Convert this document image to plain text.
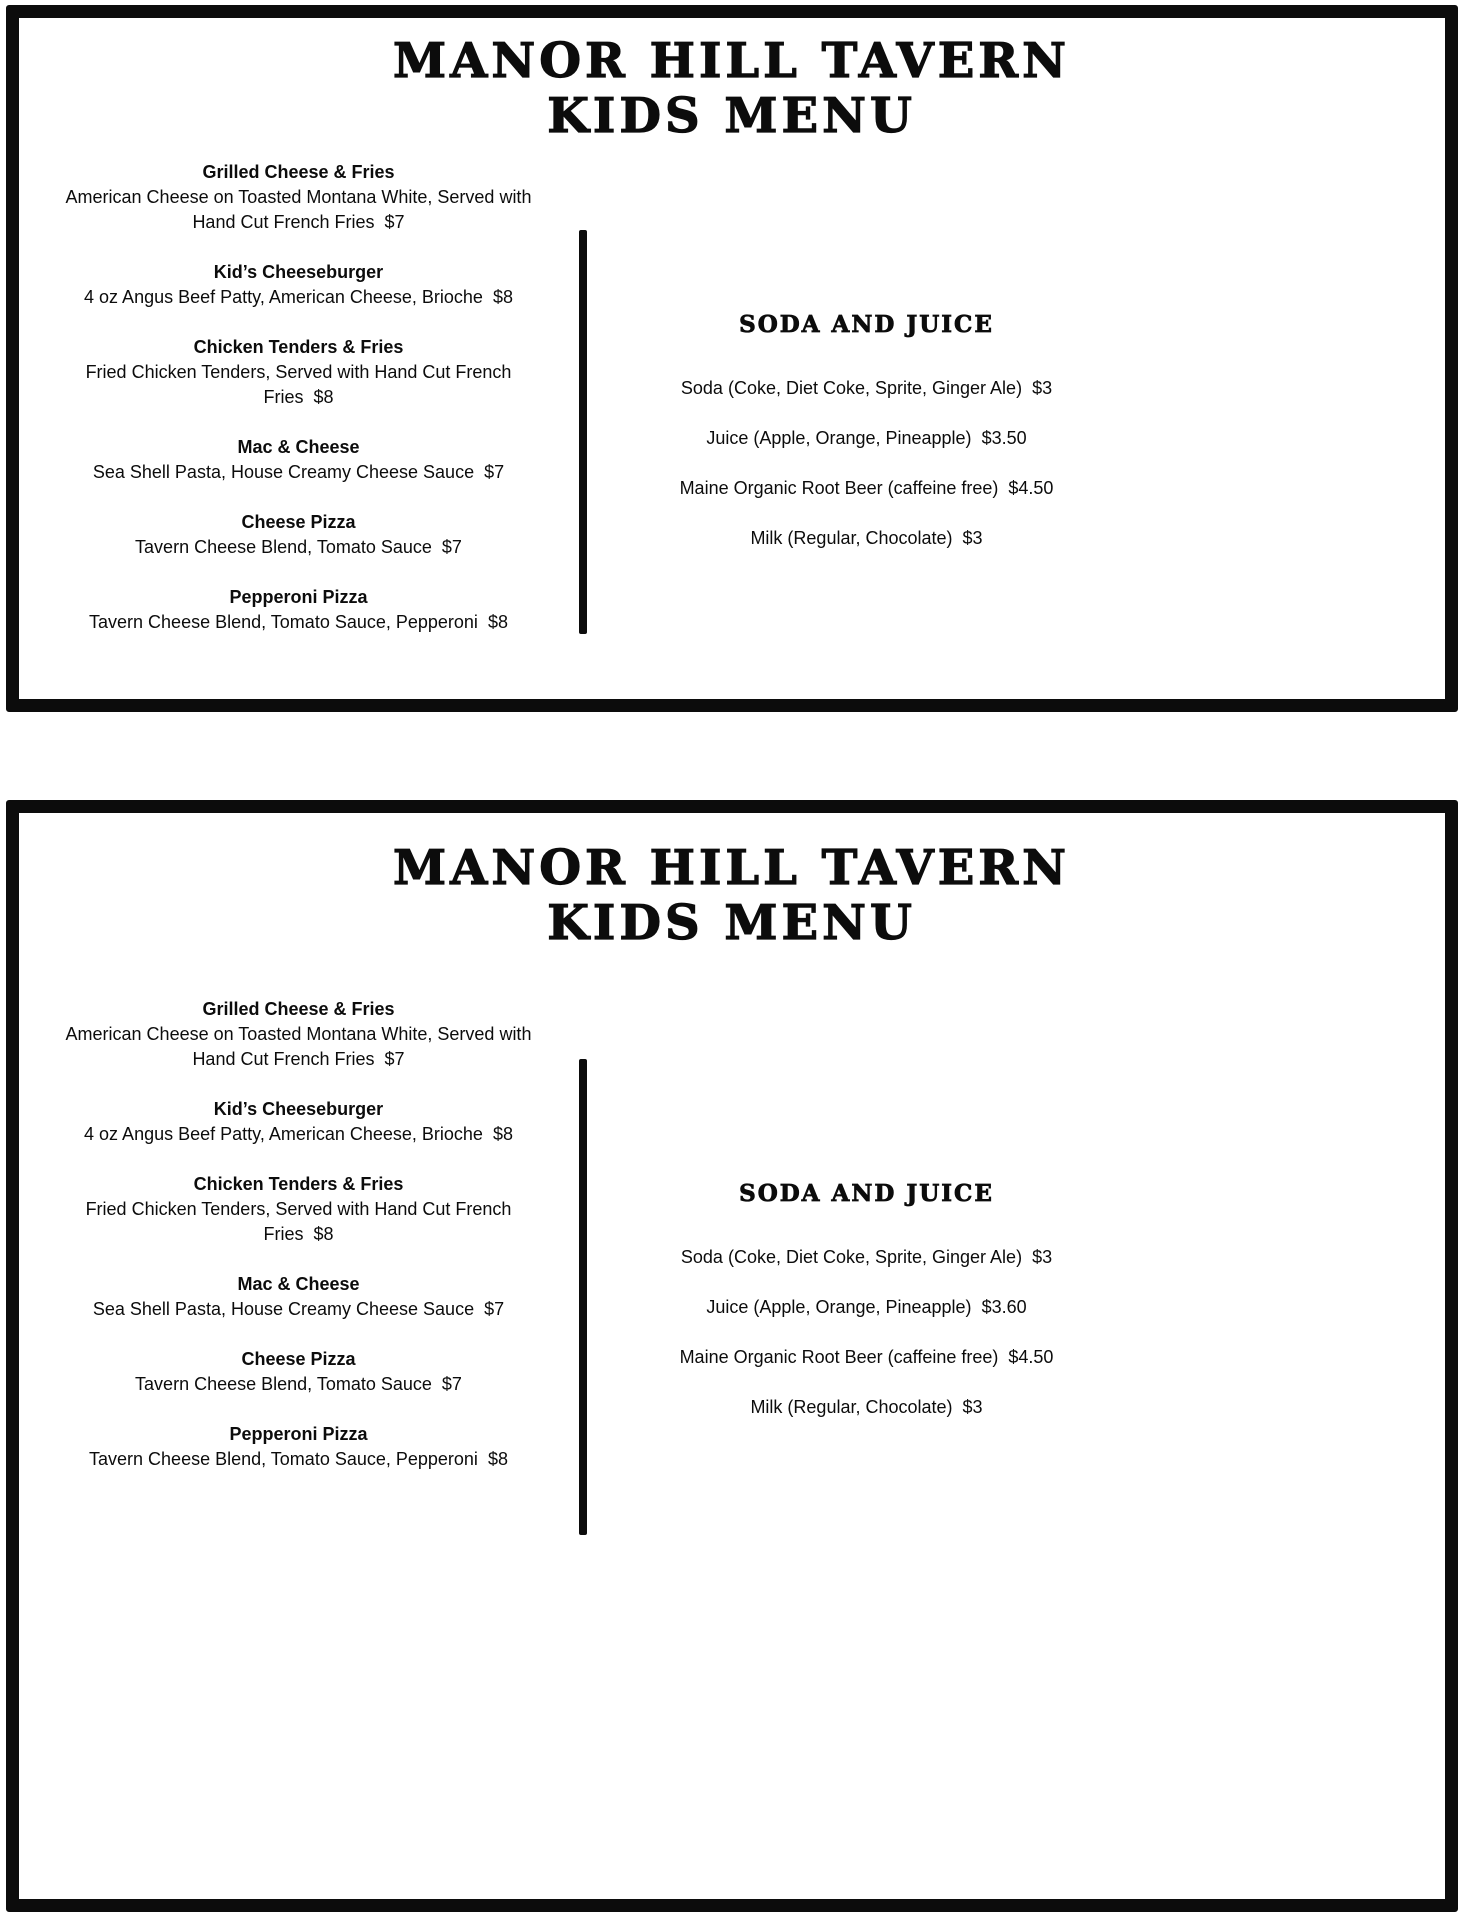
MANOR HILL TAVERN
KIDS MENU
Grilled Cheese & Fries
American Cheese on Toasted Montana White, Served with Hand Cut French Fries $7
Kid’s Cheeseburger
4 oz Angus Beef Patty, American Cheese, Brioche $8
Chicken Tenders & Fries
Fried Chicken Tenders, Served with Hand Cut French Fries $8
Mac & Cheese
Sea Shell Pasta, House Creamy Cheese Sauce $7
Cheese Pizza
Tavern Cheese Blend, Tomato Sauce $7
Pepperoni Pizza
Tavern Cheese Blend, Tomato Sauce, Pepperoni $8
SODA AND JUICE
Soda (Coke, Diet Coke, Sprite, Ginger Ale) $3
Juice (Apple, Orange, Pineapple) $3.50
Maine Organic Root Beer (caffeine free) $4.50
Milk (Regular, Chocolate) $3
MANOR HILL TAVERN
KIDS MENU
Grilled Cheese & Fries
American Cheese on Toasted Montana White, Served with Hand Cut French Fries $7
Kid’s Cheeseburger
4 oz Angus Beef Patty, American Cheese, Brioche $8
Chicken Tenders & Fries
Fried Chicken Tenders, Served with Hand Cut French Fries $8
Mac & Cheese
Sea Shell Pasta, House Creamy Cheese Sauce $7
Cheese Pizza
Tavern Cheese Blend, Tomato Sauce $7
Pepperoni Pizza
Tavern Cheese Blend, Tomato Sauce, Pepperoni $8
SODA AND JUICE
Soda (Coke, Diet Coke, Sprite, Ginger Ale) $3
Juice (Apple, Orange, Pineapple) $3.60
Maine Organic Root Beer (caffeine free) $4.50
Milk (Regular, Chocolate) $3
